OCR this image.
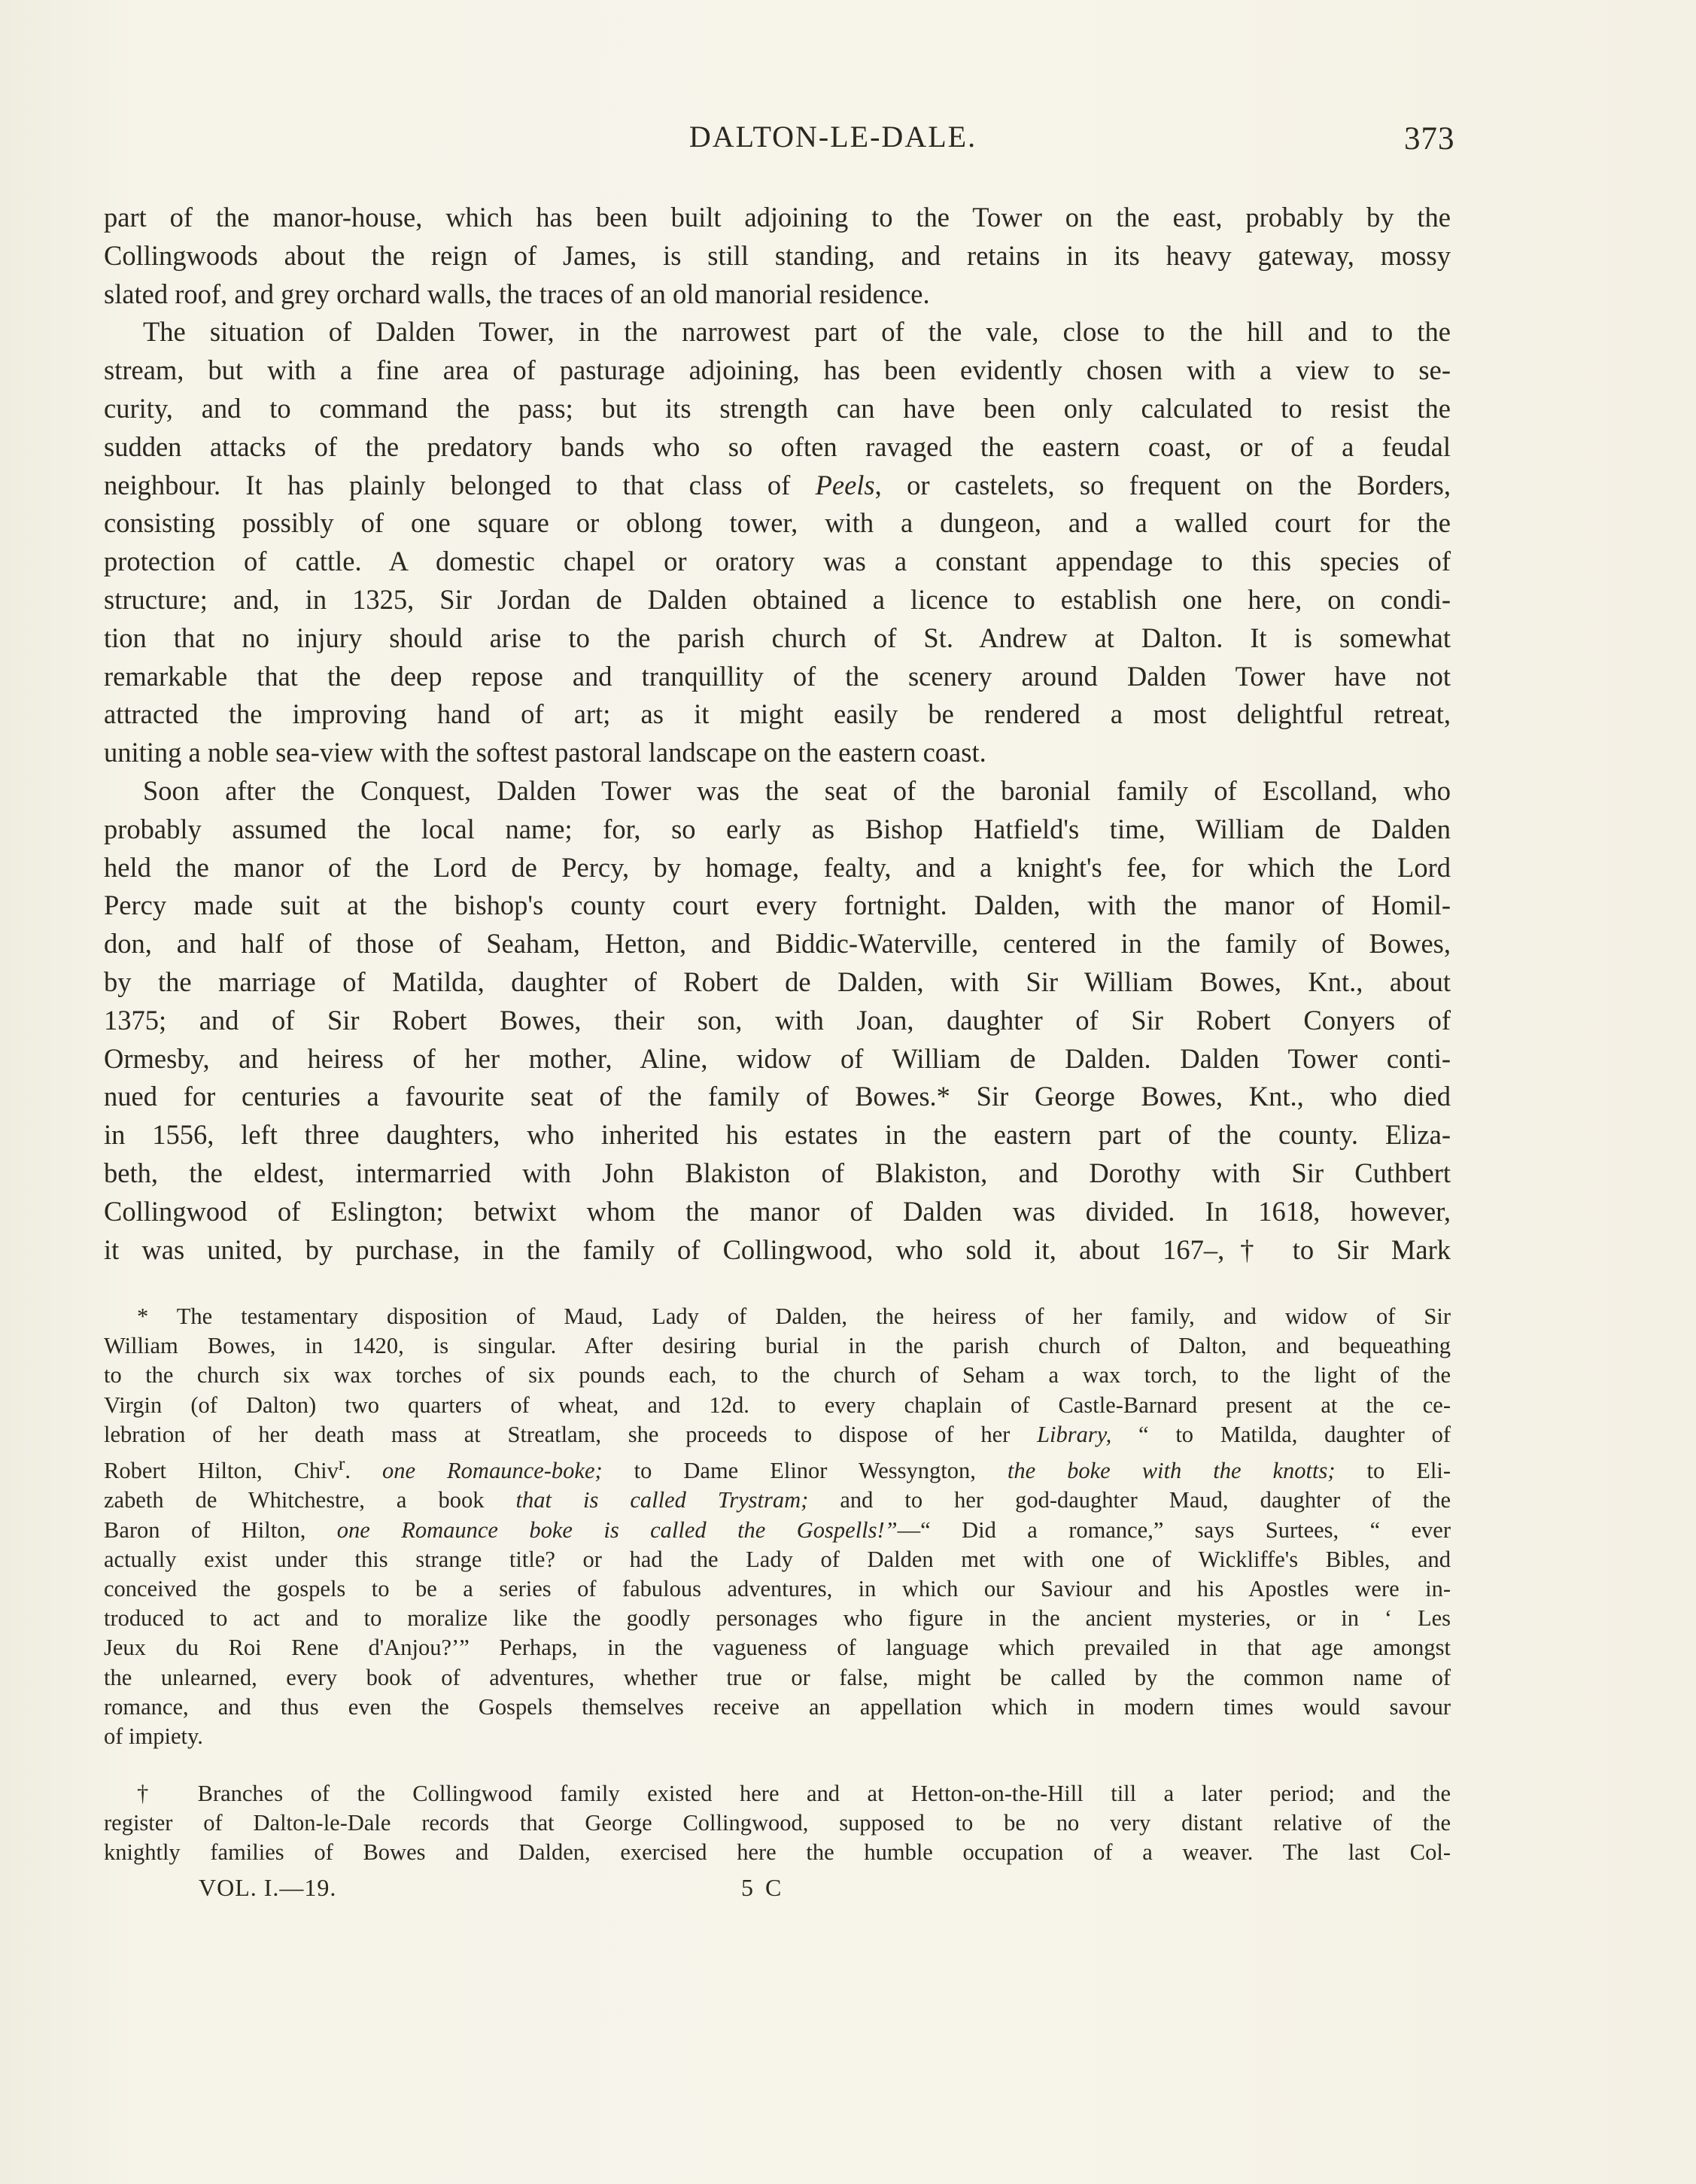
DALTON-LE-DALE.	373

part of the manor-house, which has been built adjoining to the Tower on the east, probably by the
Collingwoods about the reign of James, is still standing, and retains in its heavy gateway, mossy
slated roof, and grey orchard walls, the traces of an old manorial residence.

The situation of Dalden Tower, in the narrowest part of the vale, close to the hill and to the
stream, but with a fine area of pasturage adjoining, has been evidently chosen with a view to se-
curity, and to command the pass; but its strength can have been only calculated to resist the
sudden attacks of the predatory bands who so often ravaged the eastern coast, or of a feudal
neighbour. It has plainly belonged to that class of Peels, or castelets, so frequent on the Borders,
consisting possibly of one square or oblong tower, with a dungeon, and a walled court for the
protection of cattle. A domestic chapel or oratory was a constant appendage to this species of
structure; and, in 1325, Sir Jordan de Dalden obtained a licence to establish one here, on condi-
tion that no injury should arise to the parish church of St. Andrew at Dalton. It is somewhat
remarkable that the deep repose and tranquillity of the scenery around Dalden Tower have not
attracted the improving hand of art; as it might easily be rendered a most delightful retreat,
uniting a noble sea-view with the softest pastoral landscape on the eastern coast.

Soon after the Conquest, Dalden Tower was the seat of the baronial family of Escolland, who
probably assumed the local name; for, so early as Bishop Hatfield's time, William de Dalden
held the manor of the Lord de Percy, by homage, fealty, and a knight's fee, for which the Lord
Percy made suit at the bishop's county court every fortnight. Dalden, with the manor of Homil-
don, and half of those of Seaham, Hetton, and Biddic-Waterville, centered in the family of Bowes,
by the marriage of Matilda, daughter of Robert de Dalden, with Sir William Bowes, Knt., about
1375; and of Sir Robert Bowes, their son, with Joan, daughter of Sir Robert Conyers of
Ormesby, and heiress of her mother, Aline, widow of William de Dalden. Dalden Tower conti-
nued for centuries a favourite seat of the family of Bowes.* Sir George Bowes, Knt., who died
in 1556, left three daughters, who inherited his estates in the eastern part of the county. Eliza-
beth, the eldest, intermarried with John Blakiston of Blakiston, and Dorothy with Sir Cuthbert
Collingwood of Eslington; betwixt whom the manor of Dalden was divided. In 1618, however,
it was united, by purchase, in the family of Collingwood, who sold it, about 167–,† to Sir Mark

* The testamentary disposition of Maud, Lady of Dalden, the heiress of her family, and widow of Sir
William Bowes, in 1420, is singular. After desiring burial in the parish church of Dalton, and bequeathing
to the church six wax torches of six pounds each, to the church of Seham a wax torch, to the light of the
Virgin (of Dalton) two quarters of wheat, and 12d. to every chaplain of Castle-Barnard present at the ce-
lebration of her death mass at Streatlam, she proceeds to dispose of her Library, “ to Matilda, daughter of
Robert Hilton, Chiv$^r$. one Romaunce-boke; to Dame Elinor Wessyngton, the boke with the knotts; to Eli-
zabeth de Whitchestre, a book that is called Trystram; and to her god-daughter Maud, daughter of the
Baron of Hilton, one Romaunce boke is called the Gospells!”—“ Did a romance,” says Surtees, “ ever
actually exist under this strange title? or had the Lady of Dalden met with one of Wickliffe's Bibles, and
conceived the gospels to be a series of fabulous adventures, in which our Saviour and his Apostles were in-
troduced to act and to moralize like the goodly personages who figure in the ancient mysteries, or in ‘ Les
Jeux du Roi Rene d'Anjou?’” Perhaps, in the vagueness of language which prevailed in that age amongst
the unlearned, every book of adventures, whether true or false, might be called by the common name of
romance, and thus even the Gospels themselves receive an appellation which in modern times would savour
of impiety.
† Branches of the Collingwood family existed here and at Hetton-on-the-Hill till a later period; and the
register of Dalton-le-Dale records that George Collingwood, supposed to be no very distant relative of the
knightly families of Bowes and Dalden, exercised here the humble occupation of a weaver. The last Col-
VOL. I.—19.	5 C
